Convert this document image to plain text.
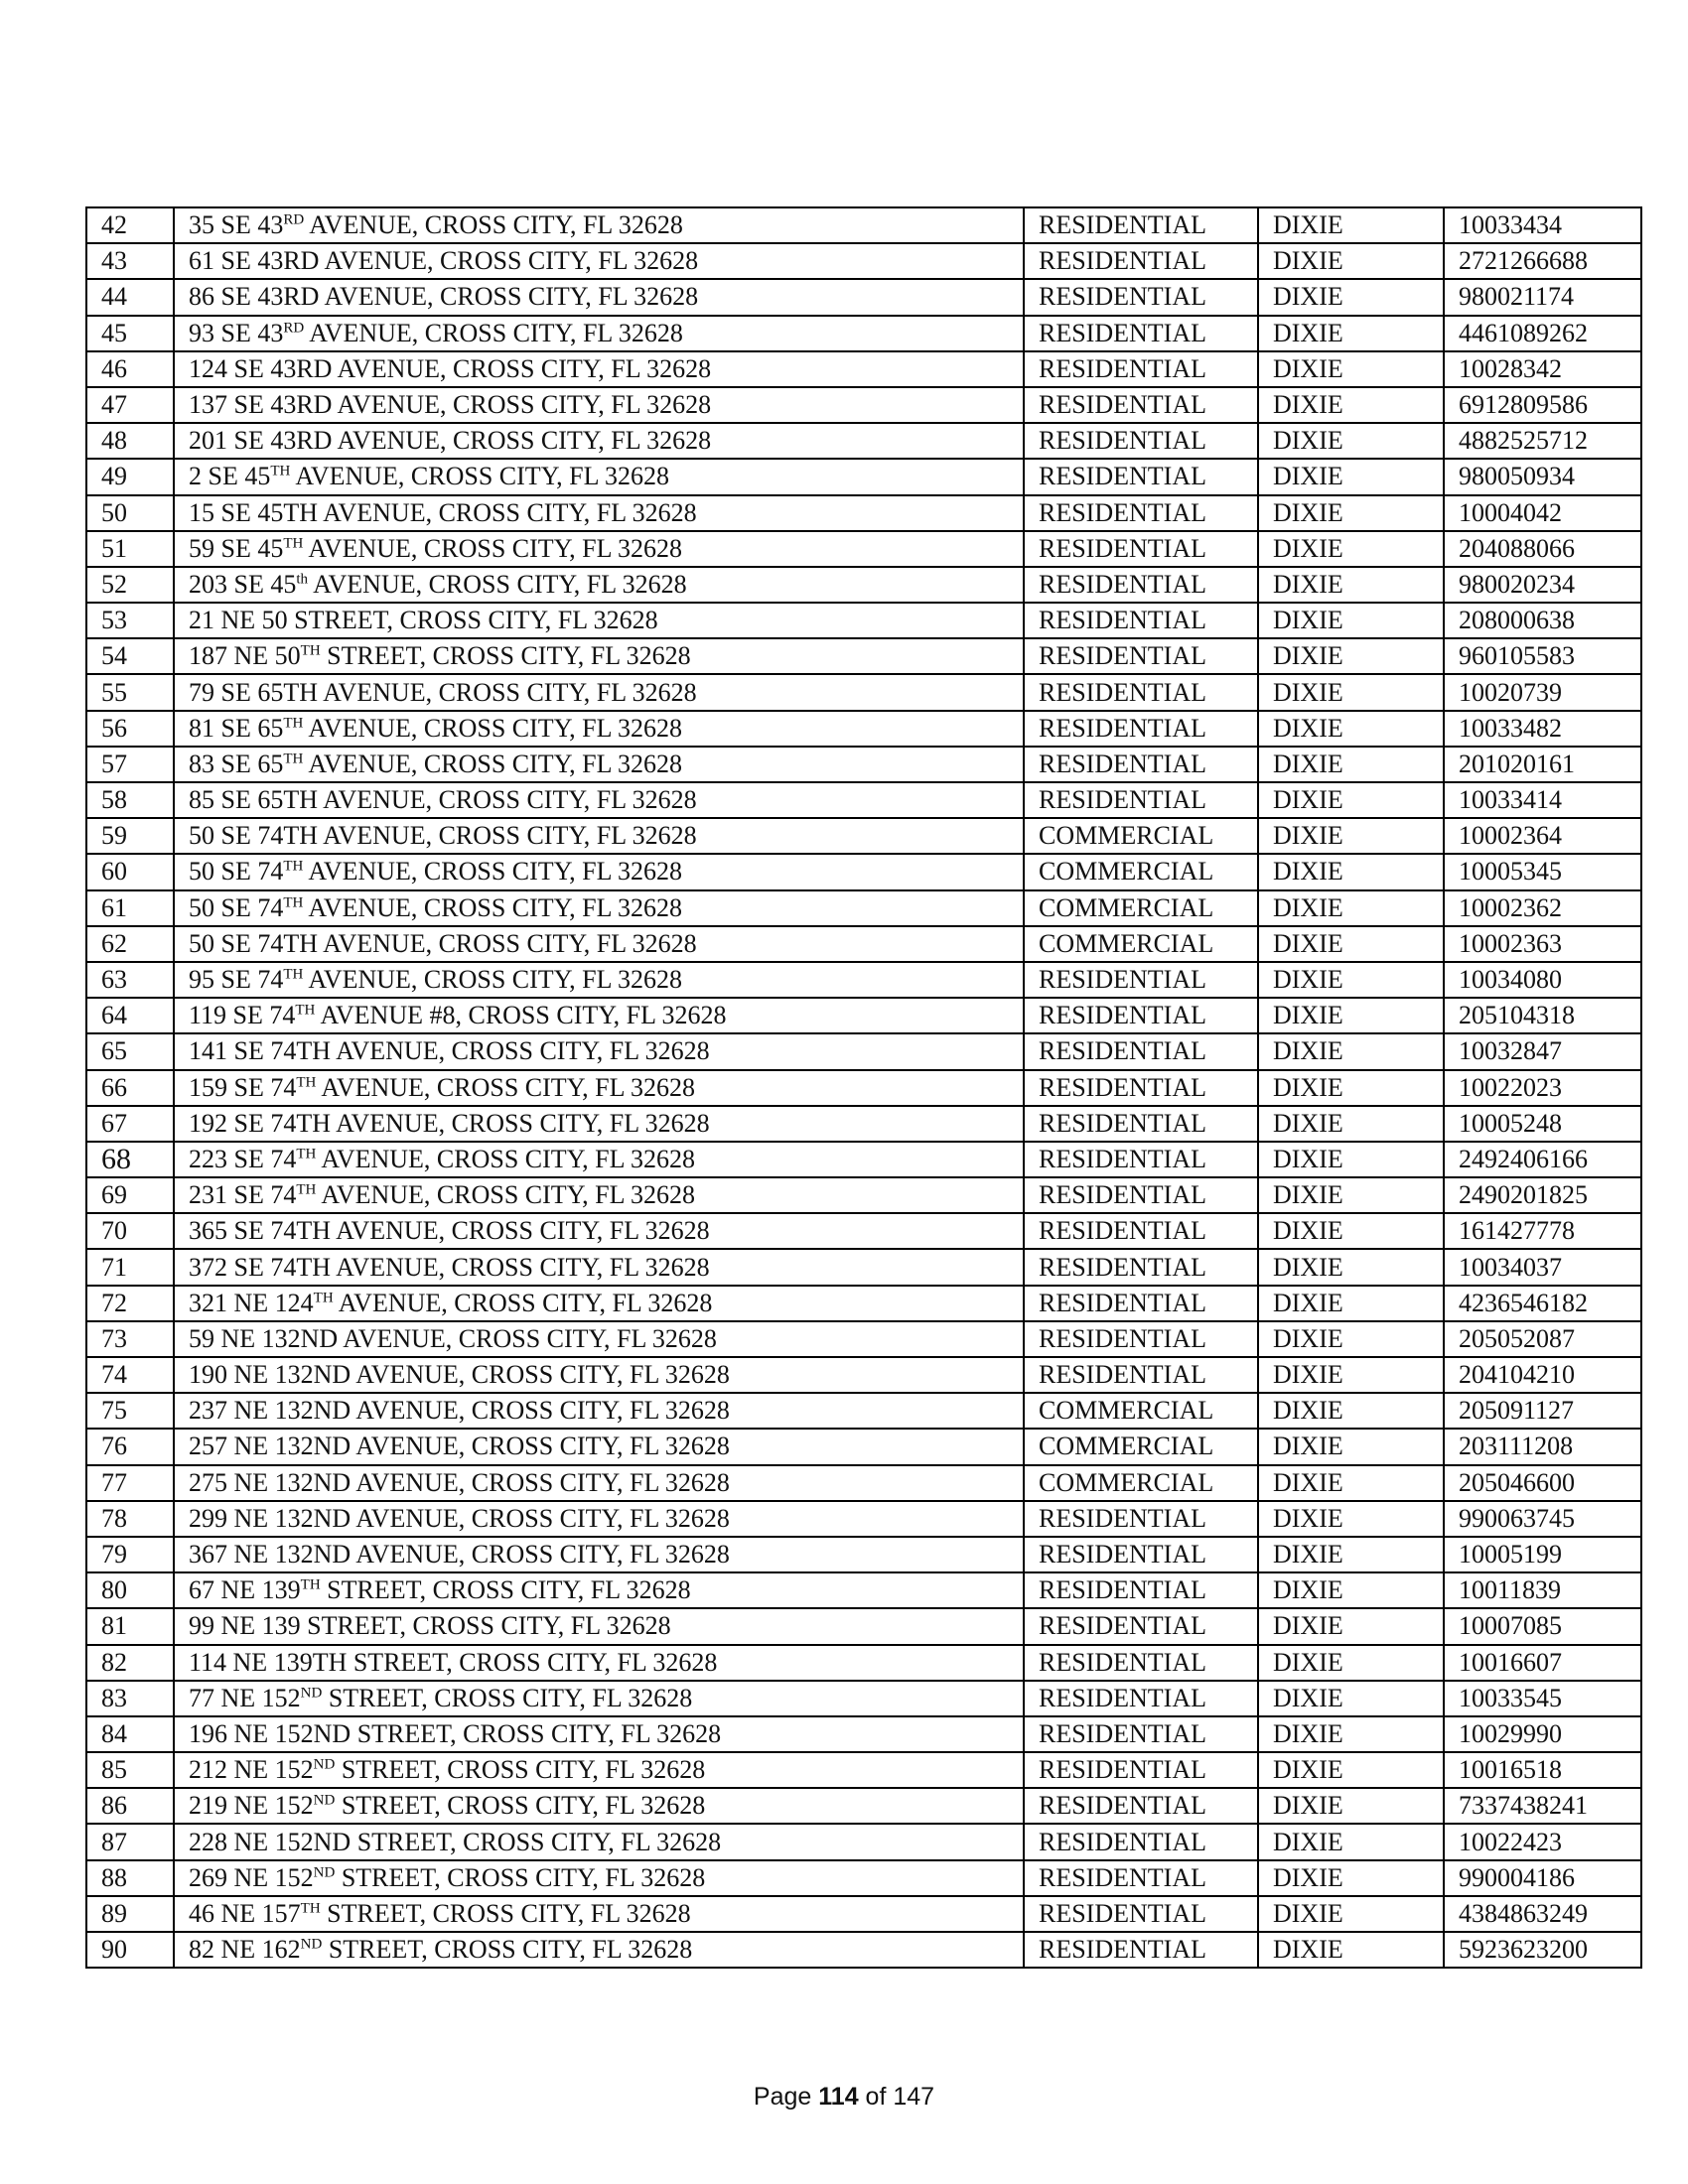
42	35 SE 43RD AVENUE, CROSS CITY, FL 32628	RESIDENTIAL	DIXIE	10033434
43	61 SE 43RD AVENUE, CROSS CITY, FL 32628	RESIDENTIAL	DIXIE	2721266688
44	86 SE 43RD AVENUE, CROSS CITY, FL 32628	RESIDENTIAL	DIXIE	980021174
45	93 SE 43RD AVENUE, CROSS CITY, FL 32628	RESIDENTIAL	DIXIE	4461089262
46	124 SE 43RD AVENUE, CROSS CITY, FL 32628	RESIDENTIAL	DIXIE	10028342
47	137 SE 43RD AVENUE, CROSS CITY, FL 32628	RESIDENTIAL	DIXIE	6912809586
48	201 SE 43RD AVENUE, CROSS CITY, FL 32628	RESIDENTIAL	DIXIE	4882525712
49	2 SE 45TH AVENUE, CROSS CITY, FL 32628	RESIDENTIAL	DIXIE	980050934
50	15 SE 45TH AVENUE, CROSS CITY, FL 32628	RESIDENTIAL	DIXIE	10004042
51	59 SE 45TH AVENUE, CROSS CITY, FL 32628	RESIDENTIAL	DIXIE	204088066
52	203 SE 45th AVENUE, CROSS CITY, FL 32628	RESIDENTIAL	DIXIE	980020234
53	21 NE 50 STREET, CROSS CITY, FL 32628	RESIDENTIAL	DIXIE	208000638
54	187 NE 50TH STREET, CROSS CITY, FL 32628	RESIDENTIAL	DIXIE	960105583
55	79 SE 65TH AVENUE, CROSS CITY, FL 32628	RESIDENTIAL	DIXIE	10020739
56	81 SE 65TH AVENUE, CROSS CITY, FL 32628	RESIDENTIAL	DIXIE	10033482
57	83 SE 65TH AVENUE, CROSS CITY, FL 32628	RESIDENTIAL	DIXIE	201020161
58	85 SE 65TH AVENUE, CROSS CITY, FL 32628	RESIDENTIAL	DIXIE	10033414
59	50 SE 74TH AVENUE, CROSS CITY, FL 32628	COMMERCIAL	DIXIE	10002364
60	50 SE 74TH AVENUE, CROSS CITY, FL 32628	COMMERCIAL	DIXIE	10005345
61	50 SE 74TH AVENUE, CROSS CITY, FL 32628	COMMERCIAL	DIXIE	10002362
62	50 SE 74TH AVENUE, CROSS CITY, FL 32628	COMMERCIAL	DIXIE	10002363
63	95 SE 74TH AVENUE, CROSS CITY, FL 32628	RESIDENTIAL	DIXIE	10034080
64	119 SE 74TH AVENUE #8, CROSS CITY, FL 32628	RESIDENTIAL	DIXIE	205104318
65	141 SE 74TH AVENUE, CROSS CITY, FL 32628	RESIDENTIAL	DIXIE	10032847
66	159 SE 74TH AVENUE, CROSS CITY, FL 32628	RESIDENTIAL	DIXIE	10022023
67	192 SE 74TH AVENUE, CROSS CITY, FL 32628	RESIDENTIAL	DIXIE	10005248
68	223 SE 74TH AVENUE, CROSS CITY, FL 32628	RESIDENTIAL	DIXIE	2492406166
69	231 SE 74TH AVENUE, CROSS CITY, FL 32628	RESIDENTIAL	DIXIE	2490201825
70	365 SE 74TH AVENUE, CROSS CITY, FL 32628	RESIDENTIAL	DIXIE	161427778
71	372 SE 74TH AVENUE, CROSS CITY, FL 32628	RESIDENTIAL	DIXIE	10034037
72	321 NE 124TH AVENUE, CROSS CITY, FL 32628	RESIDENTIAL	DIXIE	4236546182
73	59 NE 132ND AVENUE, CROSS CITY, FL 32628	RESIDENTIAL	DIXIE	205052087
74	190 NE 132ND AVENUE, CROSS CITY, FL 32628	RESIDENTIAL	DIXIE	204104210
75	237 NE 132ND AVENUE, CROSS CITY, FL 32628	COMMERCIAL	DIXIE	205091127
76	257 NE 132ND AVENUE, CROSS CITY, FL 32628	COMMERCIAL	DIXIE	203111208
77	275 NE 132ND AVENUE, CROSS CITY, FL 32628	COMMERCIAL	DIXIE	205046600
78	299 NE 132ND AVENUE, CROSS CITY, FL 32628	RESIDENTIAL	DIXIE	990063745
79	367 NE 132ND AVENUE, CROSS CITY, FL 32628	RESIDENTIAL	DIXIE	10005199
80	67 NE 139TH STREET, CROSS CITY, FL 32628	RESIDENTIAL	DIXIE	10011839
81	99 NE 139 STREET, CROSS CITY, FL 32628	RESIDENTIAL	DIXIE	10007085
82	114 NE 139TH STREET, CROSS CITY, FL 32628	RESIDENTIAL	DIXIE	10016607
83	77 NE 152ND STREET, CROSS CITY, FL 32628	RESIDENTIAL	DIXIE	10033545
84	196 NE 152ND STREET, CROSS CITY, FL 32628	RESIDENTIAL	DIXIE	10029990
85	212 NE 152ND STREET, CROSS CITY, FL 32628	RESIDENTIAL	DIXIE	10016518
86	219 NE 152ND STREET, CROSS CITY, FL 32628	RESIDENTIAL	DIXIE	7337438241
87	228 NE 152ND STREET, CROSS CITY, FL 32628	RESIDENTIAL	DIXIE	10022423
88	269 NE 152ND STREET, CROSS CITY, FL 32628	RESIDENTIAL	DIXIE	990004186
89	46 NE 157TH STREET, CROSS CITY, FL 32628	RESIDENTIAL	DIXIE	4384863249
90	82 NE 162ND STREET, CROSS CITY, FL 32628	RESIDENTIAL	DIXIE	5923623200
Page 114 of 147
